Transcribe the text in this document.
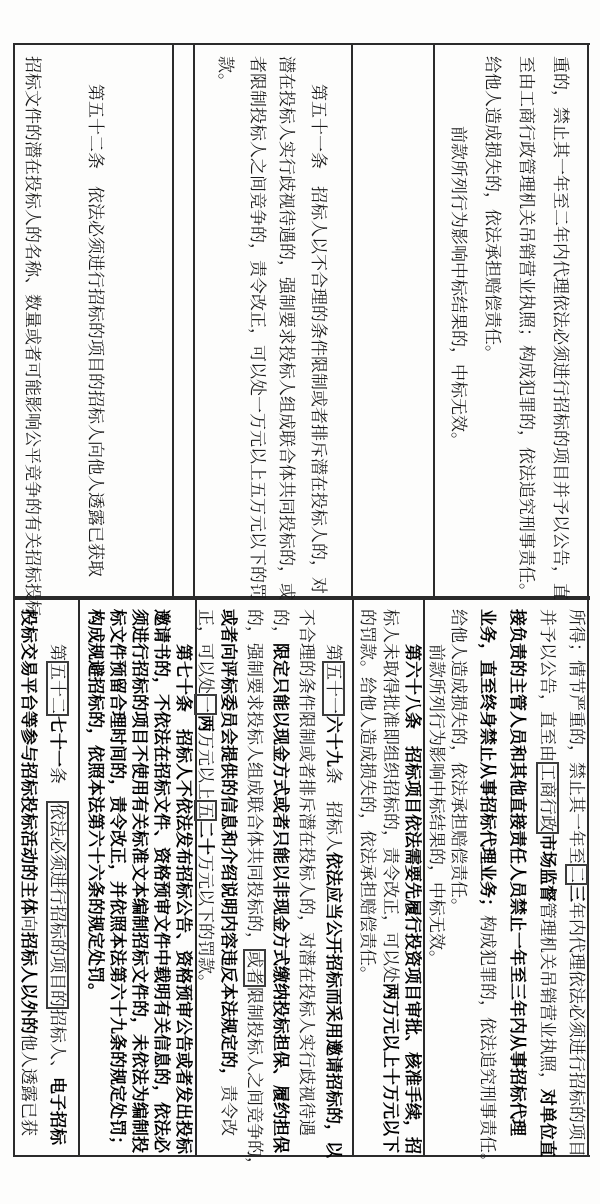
重的，禁止其一年至二年内代理依法必须进行招标的项目并予以公告，直
至由工商行政管理机关吊销营业执照；构成犯罪的，依法追究刑事责任。
给他人造成损失的，依法承担赔偿责任。
前款所列行为影响中标结果的，中标无效。
第五十一条　招标人以不合理的条件限制或者排斥潜在投标人的，对
潜在投标人实行歧视待遇的，强制要求投标人组成联合体共同投标的，或
者限制投标人之间竞争的，责令改正，可以处一万元以上五万元以下的罚
款。
第五十二条　依法必须进行招标的项目的招标人向他人透露已获取
招标文件的潜在投标人的名称、数量或者可能影响公平竞争的有关招标投标
所得；情节严重的，禁止其一年至二三年内代理依法必须进行招标的项目
并予以公告，直至由工商行政市场监督管理机关吊销营业执照，对单位直
接负责的主管人员和其他直接责任人员禁止一年至三年内从事招标代理
业务，直至终身禁止从事招标代理业务；构成犯罪的，依法追究刑事责任。
给他人造成损失的，依法承担赔偿责任。
前款所列行为影响中标结果的，中标无效。
第六十八条　招标项目依法需要先履行投资项目审批、核准手续，招
标人未取得批准即组织招标的，责令改正，可以处两万元以上十万元以下
的罚款。给他人造成损失的，依法承担赔偿责任。
第五十一六十九条　招标人依法应当公开招标而采用邀请招标的，以
不合理的条件限制或者排斥潜在投标人的，对潜在投标人实行歧视待遇
的，限定只能以现金方式或者只能以非现金方式缴纳投标担保、履约担保
的，强制要求投标人组成联合体共同投标的，或者限制投标人之间竞争的，
或者向评标委员会提供的信息和介绍说明内容违反本法规定的，责令改
正，可以处一两万元以上五二十万元以下的罚款。
第七十条　招标人不依法发布招标公告、资格预审公告或者发出投标
邀请书的，不依法在招标文件、资格预审文件中载明有关信息的，依法必
须进行招标的项目不使用有关标准文本编制招标文件的，未依法为编制投
标文件预留合理时间的，责令改正，并依照本法第六十九条的规定处罚；
构成规避招标的，依照本法第六十六条的规定处罚。
第五十二七十一条　依法必须进行招标的项目的招标人、电子招标
投标交易平台等参与招标投标活动的主体向招标人以外的他人透露已获
